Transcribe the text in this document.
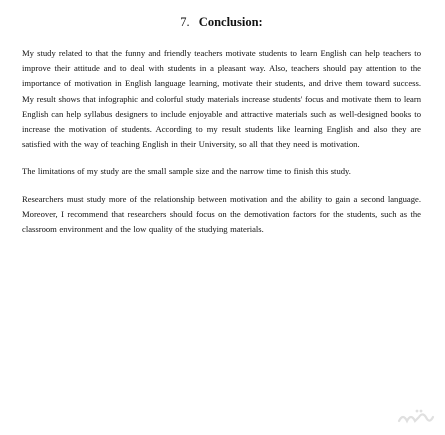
7. Conclusion:

My study related to that the funny and friendly teachers motivate students to learn English can help teachers to improve their attitude and to deal with students in a pleasant way. Also, teachers should pay attention to the importance of motivation in English language learning, motivate their students, and drive them toward success. My result shows that infographic and colorful study materials increase students' focus and motivate them to learn English can help syllabus designers to include enjoyable and attractive materials such as well-designed books to increase the motivation of students. According to my result students like learning English and also they are satisfied with the way of teaching English in their University, so all that they need is motivation.

The limitations of my study are the small sample size and the narrow time to finish this study.

Researchers must study more of the relationship between motivation and the ability to gain a second language. Moreover, I recommend that researchers should focus on the demotivation factors for the students, such as the classroom environment and the low quality of the studying materials.
